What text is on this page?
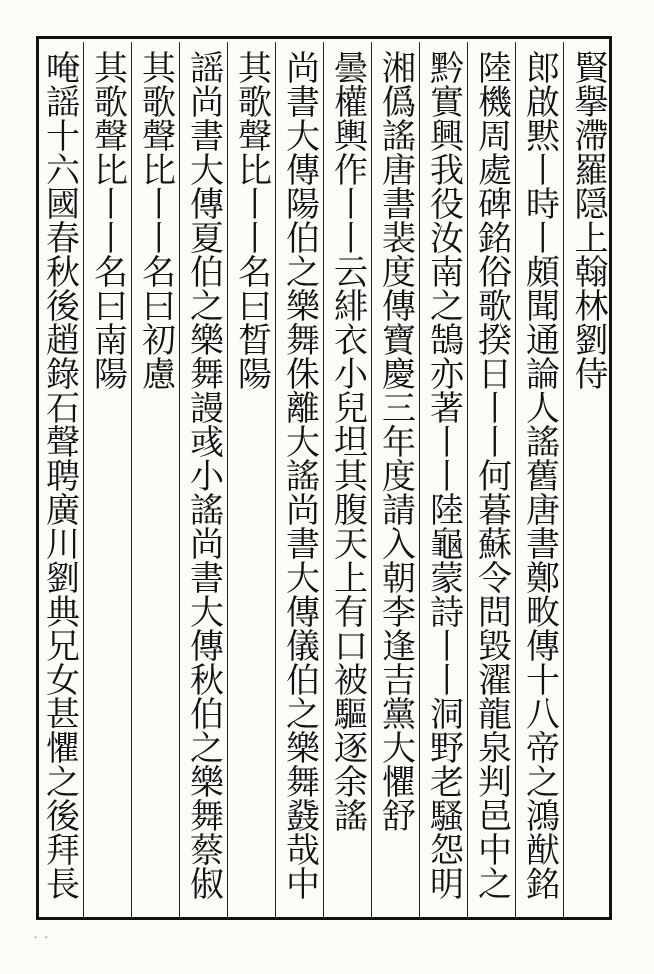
賢擧滯羅隠上翰林劉侍
郎啟黙丨時丨頗聞通論人謠舊唐書鄭畋傳十八帝之鴻猷銘
陸機周處碑銘俗歌揆日丨丨何暮蘇令問毀濯龍泉判邑中之
黔實興我役汝南之鵠亦著丨丨陸龜蒙詩丨丨洞野老騷怨明
湘僞謠唐書裴度傳寶慶三年度請入朝李逢吉黨大懼舒
曇權輿作丨丨云緋衣小兒坦其腹天上有口被驅逐余謠
尚書大傳陽伯之樂舞侏離大謠尚書大傳儀伯之樂舞鼗哉中
其歌聲比丨丨名曰晳陽
謡尚書大傳夏伯之樂舞謾彧小謠尚書大傳秋伯之樂舞蔡俶
其歌聲比丨丨名曰初慮
其歌聲比丨丨名曰南陽
唵謡十六國春秋後趙錄石聲聘廣川劉典兄女甚懼之後拜長
- -
